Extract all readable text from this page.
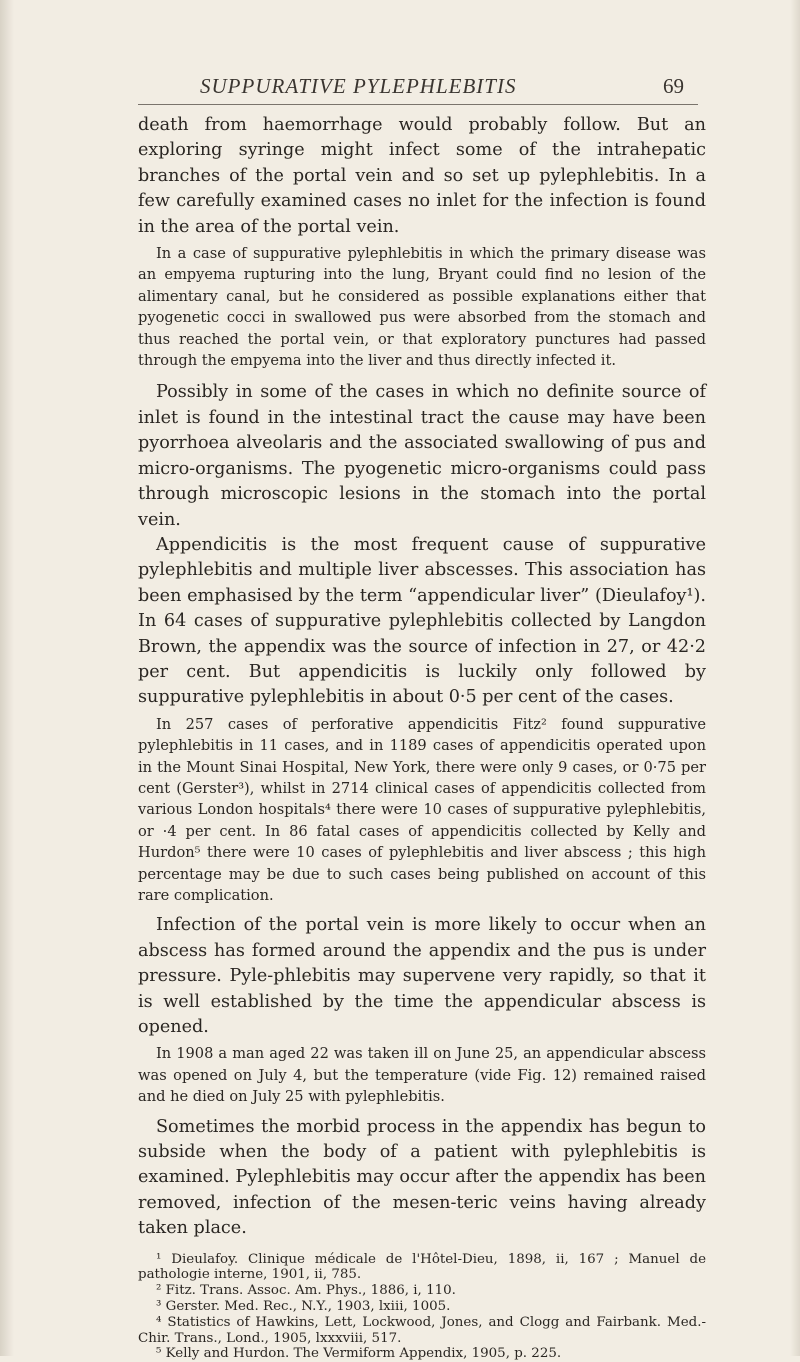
SUPPURATIVE PYLEPHLEBITIS	69

death from haemorrhage would probably follow. But an exploring syringe might infect some of the intrahepatic branches of the portal vein and so set up pylephlebitis. In a few carefully examined cases no inlet for the infection is found in the area of the portal vein.

In a case of suppurative pylephlebitis in which the primary disease was an empyema rupturing into the lung, Bryant could find no lesion of the alimentary canal, but he considered as possible explanations either that pyogenetic cocci in swallowed pus were absorbed from the stomach and thus reached the portal vein, or that exploratory punctures had passed through the empyema into the liver and thus directly infected it.

Possibly in some of the cases in which no definite source of inlet is found in the intestinal tract the cause may have been pyorrhoea alveolaris and the associated swallowing of pus and micro-organisms. The pyogenetic micro-organisms could pass through microscopic lesions in the stomach into the portal vein.

Appendicitis is the most frequent cause of suppurative pylephlebitis and multiple liver abscesses. This association has been emphasised by the term “appendicular liver” (Dieulafoy¹). In 64 cases of suppurative pylephlebitis collected by Langdon Brown, the appendix was the source of infection in 27, or 42·2 per cent. But appendicitis is luckily only followed by suppurative pylephlebitis in about 0·5 per cent of the cases.

In 257 cases of perforative appendicitis Fitz² found suppurative pylephlebitis in 11 cases, and in 1189 cases of appendicitis operated upon in the Mount Sinai Hospital, New York, there were only 9 cases, or 0·75 per cent (Gerster³), whilst in 2714 clinical cases of appendicitis collected from various London hospitals⁴ there were 10 cases of suppurative pylephlebitis, or ·4 per cent. In 86 fatal cases of appendicitis collected by Kelly and Hurdon⁵ there were 10 cases of pylephlebitis and liver abscess ; this high percentage may be due to such cases being published on account of this rare complication.

Infection of the portal vein is more likely to occur when an abscess has formed around the appendix and the pus is under pressure. Pyle-phlebitis may supervene very rapidly, so that it is well established by the time the appendicular abscess is opened.

In 1908 a man aged 22 was taken ill on June 25, an appendicular abscess was opened on July 4, but the temperature (vide Fig. 12) remained raised and he died on July 25 with pylephlebitis.

Sometimes the morbid process in the appendix has begun to subside when the body of a patient with pylephlebitis is examined. Pylephlebitis may occur after the appendix has been removed, infection of the mesen-teric veins having already taken place.

¹ Dieulafoy. Clinique médicale de l'Hôtel-Dieu, 1898, ii, 167 ; Manuel de pathologie interne, 1901, ii, 785.

² Fitz. Trans. Assoc. Am. Phys., 1886, i, 110.

³ Gerster. Med. Rec., N.Y., 1903, lxiii, 1005.

⁴ Statistics of Hawkins, Lett, Lockwood, Jones, and Clogg and Fairbank. Med.-Chir. Trans., Lond., 1905, lxxxviii, 517.

⁵ Kelly and Hurdon. The Vermiform Appendix, 1905, p. 225.
